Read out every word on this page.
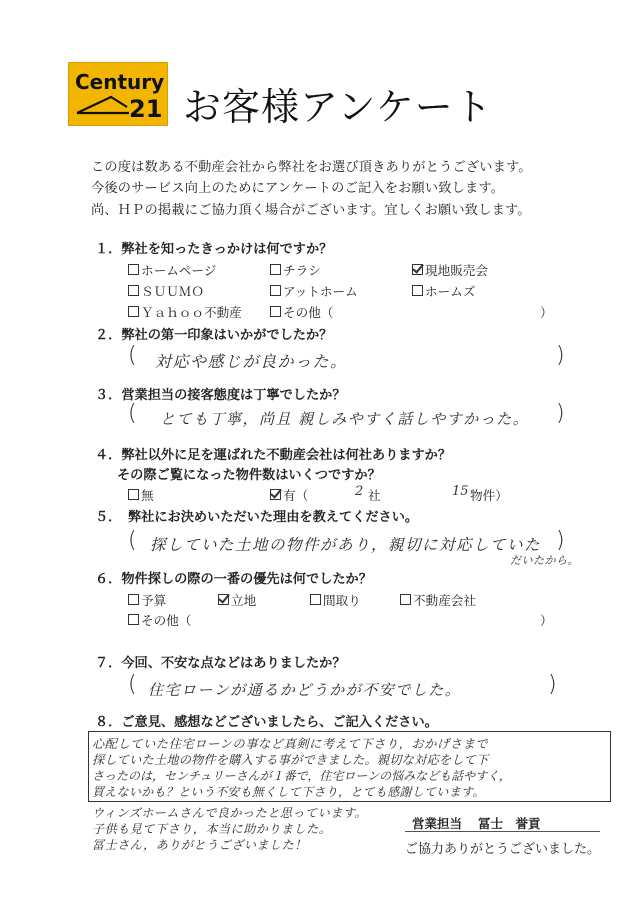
Century
21 お客様アンケート
この度は数ある不動産会社から弊社をお選び頂きありがとうございます。
今後のサービス向上のためにアンケートのご記入をお願い致します。
尚、ＨＰの掲載にご協力頂く場合がございます。宜しくお願い致します。
１．弊社を知ったきっかけは何ですか？
ホームページ	チラシ	現地販売会
ＳＵＵＭＯ	アットホーム	ホームズ
Ｙａｈｏｏ不動産	その他（	）
２．弊社の第一印象はいかがでしたか？
( 対応や感じが良かった。	)
３．営業担当の接客態度は丁寧でしたか？
( とても丁寧，尚且 親しみやすく話しやすかった。 )
４．弊社以外に足を運ばれた不動産会社は何社ありますか？
その際ご覧になった物件数はいくつですか？
無	有（	2 社	15 物件）
５．　弊社にお決めいただいた理由を教えてください。
( 探していた土地の物件があり，親切に対応していた )
だいたから。
６．物件探しの際の一番の優先は何でしたか？
予算	立地	間取り	不動産会社
その他（	）
７．今回、不安な点などはありましたか？
( 住宅ローンが通るかどうかが不安でした。	)
８．ご意見、感想などございましたら、ご記入ください。
心配していた住宅ローンの事など真剣に考えて下さり，おかげさまで
探していた土地の物件を購入する事ができました。親切な対応をして下
さったのは，センチュリーさんが１番で，住宅ローンの悩みなども話やすく，
買えないかも？という不安も無くして下さり，とても感謝しています。
ウィンズホームさんで良かったと思っています。
子供も見て下さり，本当に助かりました。
冨士さん，ありがとうございました！
営業担当 冨士　誉貢
ご協力ありがとうございました。
